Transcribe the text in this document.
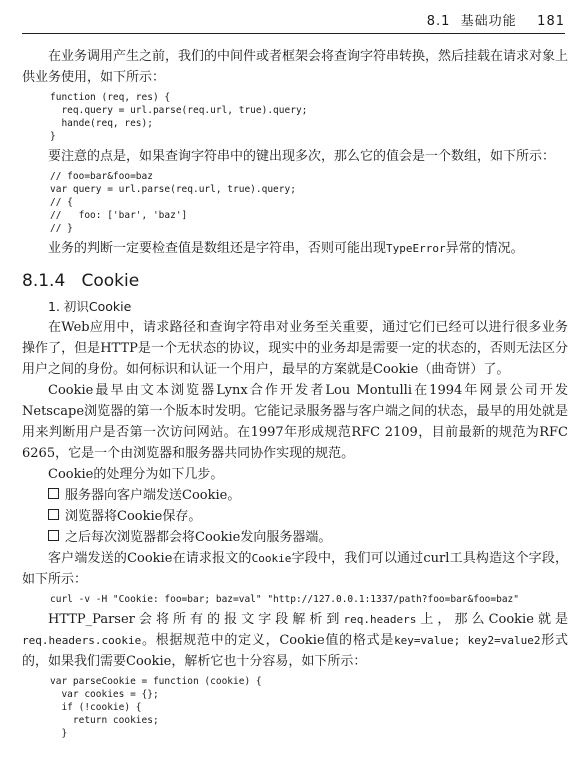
8.1  基础功能    181

在业务调用产生之前，我们的中间件或者框架会将查询字符串转换，然后挂载在请求对象上供业务使用，如下所示：

function (req, res) {
req.query = url.parse(req.url, true).query;
hande(req, res);
}

要注意的点是，如果查询字符串中的键出现多次，那么它的值会是一个数组，如下所示：

// foo=bar&foo=baz
var query = url.parse(req.url, true).query;
// {
//   foo: ['bar', 'baz']
// }

业务的判断一定要检查值是数组还是字符串，否则可能出现TypeError异常的情况。

8.1.4   Cookie
1. 初识Cookie

在Web应用中，请求路径和查询字符串对业务至关重要，通过它们已经可以进行很多业务操作了，但是HTTP是一个无状态的协议，现实中的业务却是需要一定的状态的，否则无法区分用户之间的身份。如何标识和认证一个用户，最早的方案就是Cookie（曲奇饼）了。

Cookie最早由文本浏览器Lynx合作开发者Lou Montulli在1994年网景公司开发Netscape浏览器的第一个版本时发明。它能记录服务器与客户端之间的状态，最早的用处就是用来判断用户是否第一次访问网站。在1997年形成规范RFC 2109，目前最新的规范为RFC 6265，它是一个由浏览器和服务器共同协作实现的规范。

Cookie的处理分为如下几步。

服务器向客户端发送Cookie。
浏览器将Cookie保存。
之后每次浏览器都会将Cookie发向服务器端。

客户端发送的Cookie在请求报文的Cookie字段中，我们可以通过curl工具构造这个字段，如下所示：

curl -v -H "Cookie: foo=bar; baz=val" "http://127.0.0.1:1337/path?foo=bar&foo=baz"

HTTP_Parser会将所有的报文字段解析到req.headers上，那么Cookie就是req.headers.cookie。根据规范中的定义，Cookie值的格式是key=value; key2=value2形式的，如果我们需要Cookie，解析它也十分容易，如下所示：

var parseCookie = function (cookie) {
var cookies = {};
if (!cookie) {
return cookies;
}
